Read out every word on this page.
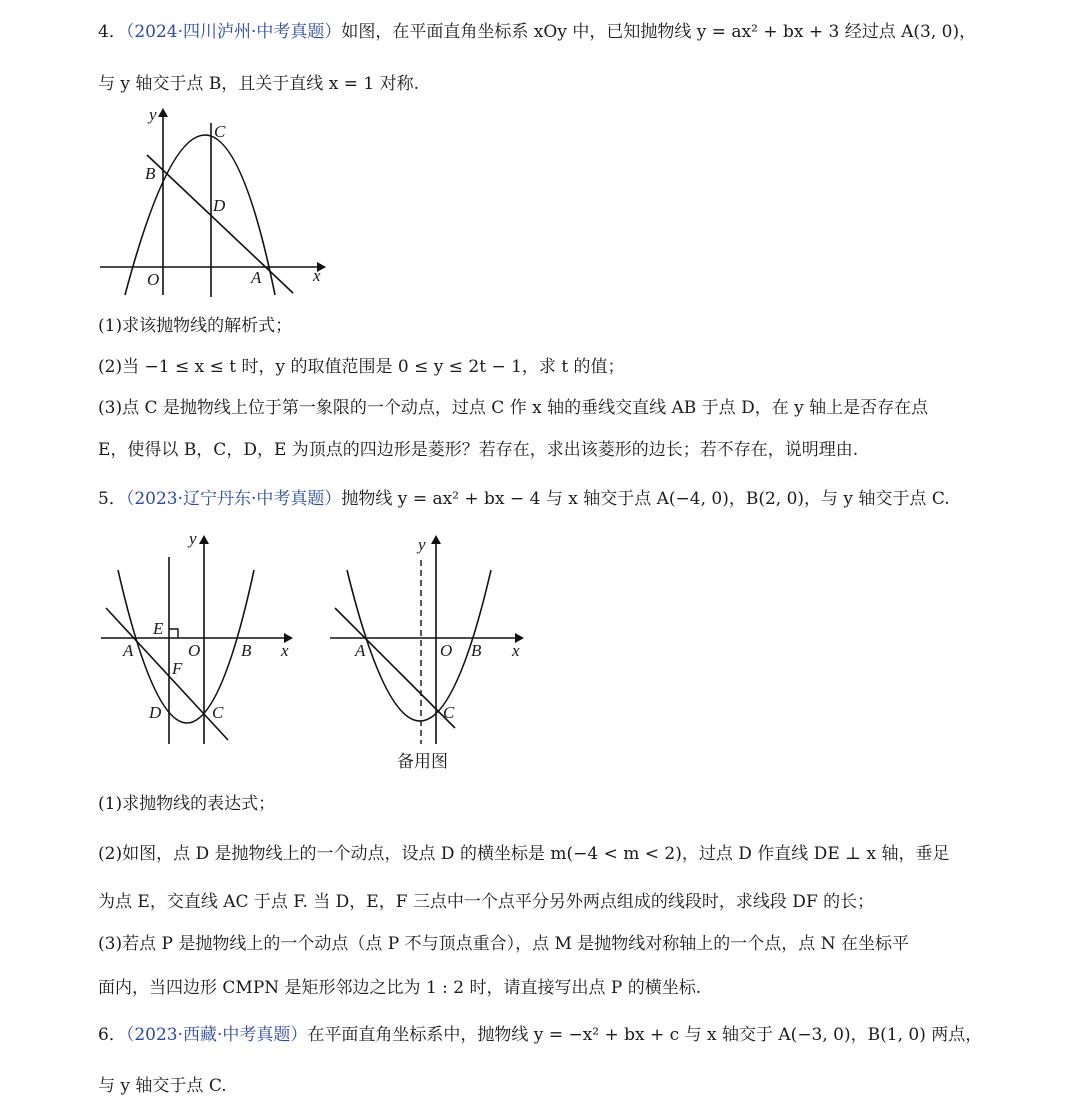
4．（2024·四川泸州·中考真题）如图，在平面直角坐标系 xOy 中，已知抛物线 y = ax² + bx + 3 经过点 A(3, 0)，
与 y 轴交于点 B，且关于直线 x = 1 对称.
y
x
O	A
B
C
D
(1)求该抛物线的解析式；
(2)当 −1 ≤ x ≤ t 时，y 的取值范围是 0 ≤ y ≤ 2t − 1，求 t 的值；
(3)点 C 是抛物线上位于第一象限的一个动点，过点 C 作 x 轴的垂线交直线 AB 于点 D，在 y 轴上是否存在点
E，使得以 B，C，D，E 为顶点的四边形是菱形？若存在，求出该菱形的边长；若不存在，说明理由.
5．（2023·辽宁丹东·中考真题）抛物线 y = ax² + bx − 4 与 x 轴交于点 A(−4, 0)，B(2, 0)，与 y 轴交于点 C.
y
x
O
A	B
C
D
E
F
y
x
O
A	B
C
备用图
(1)求抛物线的表达式；
(2)如图，点 D 是抛物线上的一个动点，设点 D 的横坐标是 m(−4 < m < 2)，过点 D 作直线 DE ⊥ x 轴，垂足
为点 E，交直线 AC 于点 F. 当 D，E，F 三点中一个点平分另外两点组成的线段时，求线段 DF 的长；
(3)若点 P 是抛物线上的一个动点（点 P 不与顶点重合），点 M 是抛物线对称轴上的一个点，点 N 在坐标平
面内，当四边形 CMPN 是矩形邻边之比为 1 : 2 时，请直接写出点 P 的横坐标.
6．（2023·西藏·中考真题）在平面直角坐标系中，抛物线 y = −x² + bx + c 与 x 轴交于 A(−3, 0)，B(1, 0) 两点，
与 y 轴交于点 C.
